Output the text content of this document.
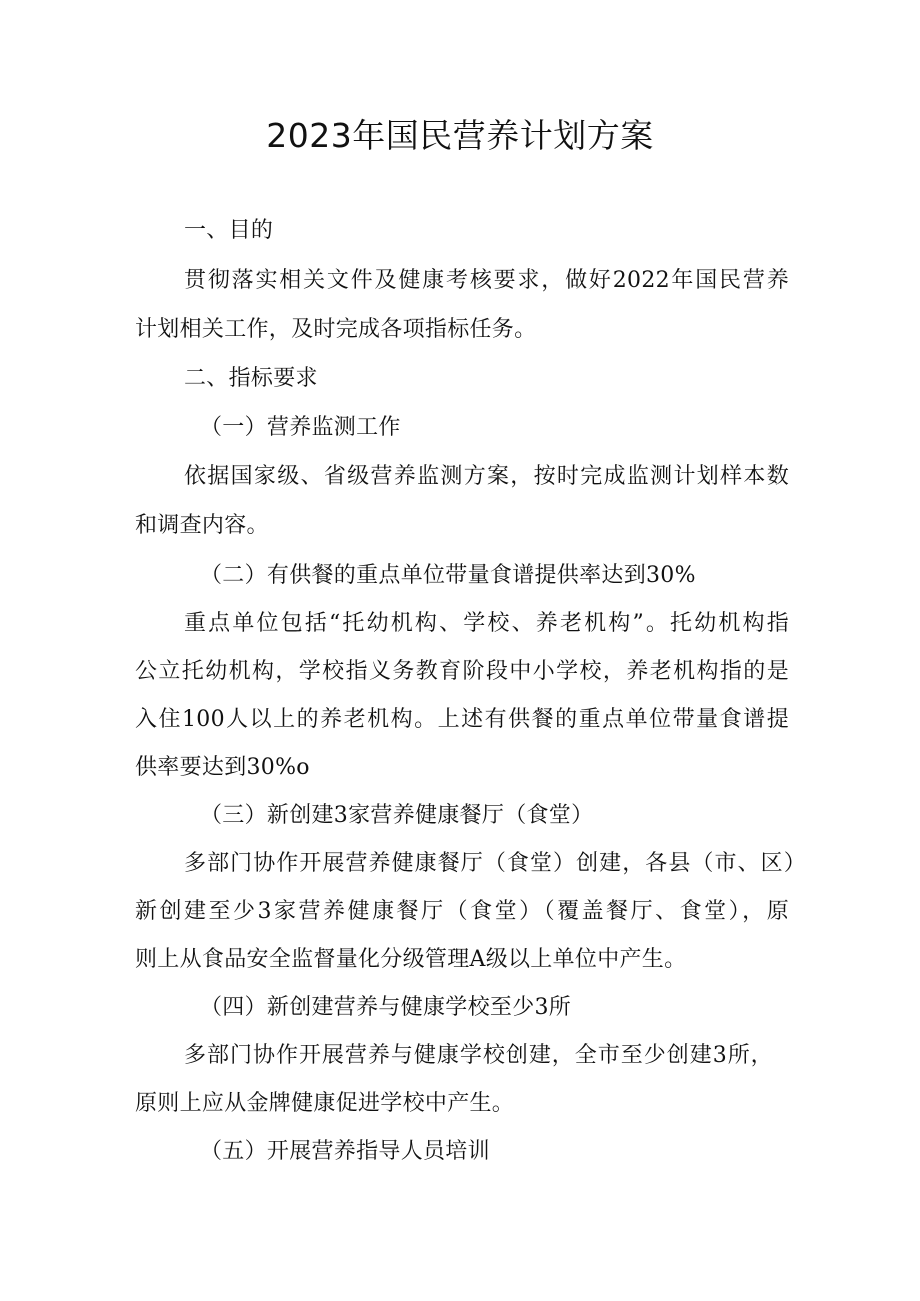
2023年国民营养计划方案
一、目的
贯彻落实相关文件及健康考核要求，做好2022年国民营养
计划相关工作，及时完成各项指标任务。
二、指标要求
（一）营养监测工作
依据国家级、省级营养监测方案，按时完成监测计划样本数
和调查内容。
（二）有供餐的重点单位带量食谱提供率达到30%
重点单位包括“托幼机构、学校、养老机构”。托幼机构指
公立托幼机构，学校指义务教育阶段中小学校，养老机构指的是
入住100人以上的养老机构。上述有供餐的重点单位带量食谱提
供率要达到30%o
（三）新创建3家营养健康餐厅（食堂）
多部门协作开展营养健康餐厅（食堂）创建，各县（市、区）
新创建至少3家营养健康餐厅（食堂）（覆盖餐厅、食堂），原
则上从食品安全监督量化分级管理A级以上单位中产生。
（四）新创建营养与健康学校至少3所
多部门协作开展营养与健康学校创建，全市至少创建3所，
原则上应从金牌健康促进学校中产生。
（五）开展营养指导人员培训
